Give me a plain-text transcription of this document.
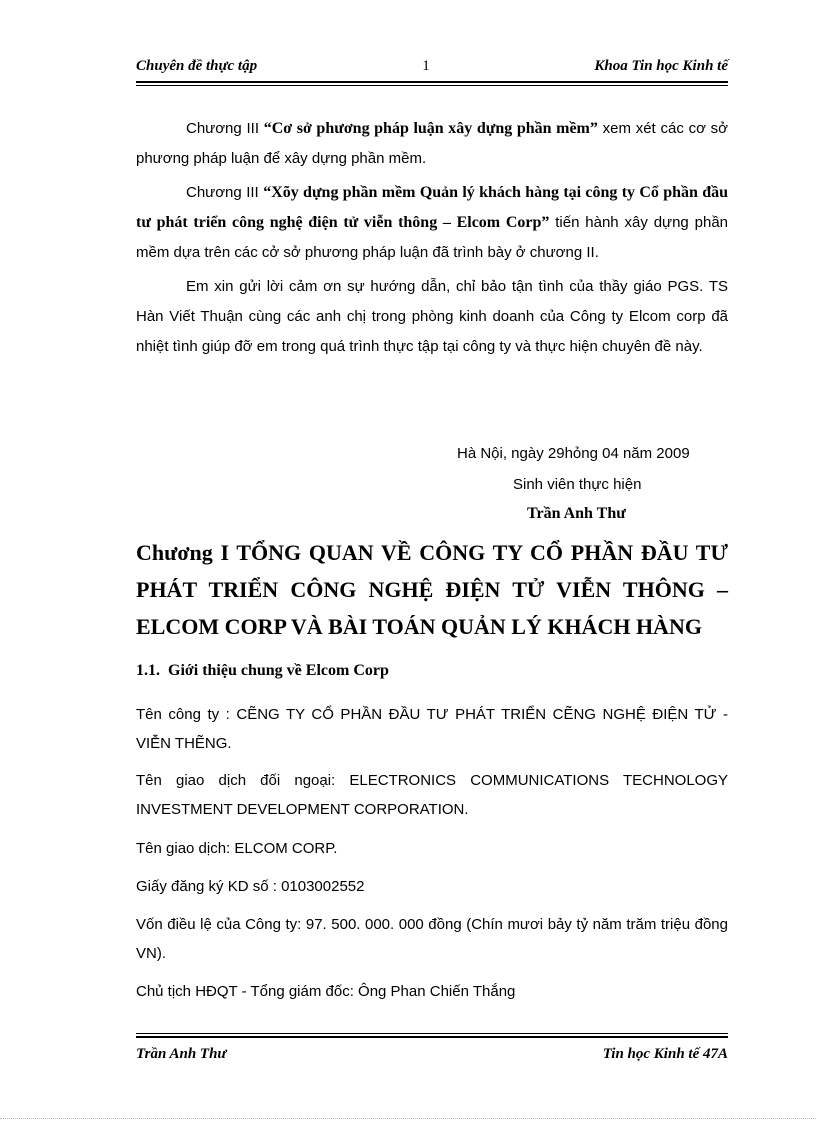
Chuyên đề thực tập	1	Khoa Tin học Kinh tế

Chương III “Cơ sở phương pháp luận xây dựng phần mềm” xem xét các cơ sở phương pháp luận để xây dựng phần mềm.

Chương III “Xõy dựng phần mềm Quản lý khách hàng tại công ty Cổ phần đầu tư phát triển công nghệ điện tử viễn thông – Elcom Corp” tiến hành xây dựng phần mềm dựa trên các cở sở phương pháp luận đã trình bày ở chương II.

Em xin gửi lời cảm ơn sự hướng dẫn, chỉ bảo tận tình của thầy giáo PGS. TS Hàn Viết Thuận cùng các anh chị trong phòng kinh doanh của Công ty Elcom corp đã nhiệt tình giúp đỡ em trong quá trình thực tập tại công ty và thực hiện chuyên đề này.

Hà Nội, ngày 29hỏng 04 năm 2009
Sinh viên thực hiện
Trần Anh Thư
Chương I TỔNG QUAN VỀ CÔNG TY CỔ PHẦN ĐẦU TƯ PHÁT TRIỂN CÔNG NGHỆ ĐIỆN TỬ VIỄN THÔNG – ELCOM CORP VÀ BÀI TOÁN QUẢN LÝ KHÁCH HÀNG
1.1. Giới thiệu chung về Elcom Corp
Tên công ty : CẼNG TY CỔ PHẦN ĐẦU TƯ PHÁT TRIỂN CẼNG NGHỆ ĐIỆN TỬ - VIỄN THẼNG.
Tên giao dịch đối ngoại: ELECTRONICS COMMUNICATIONS TECHNOLOGY INVESTMENT DEVELOPMENT CORPORATION.
Tên giao dịch: ELCOM CORP.
Giấy đăng ký KD số : 0103002552
Vốn điều lệ của Công ty: 97. 500. 000. 000 đồng (Chín mươi bảy tỷ năm trăm triệu đồng VN).
Chủ tịch HĐQT - Tổng giám đốc: Ông Phan Chiến Thắng
Trần Anh Thư	Tin học Kinh tế 47A
